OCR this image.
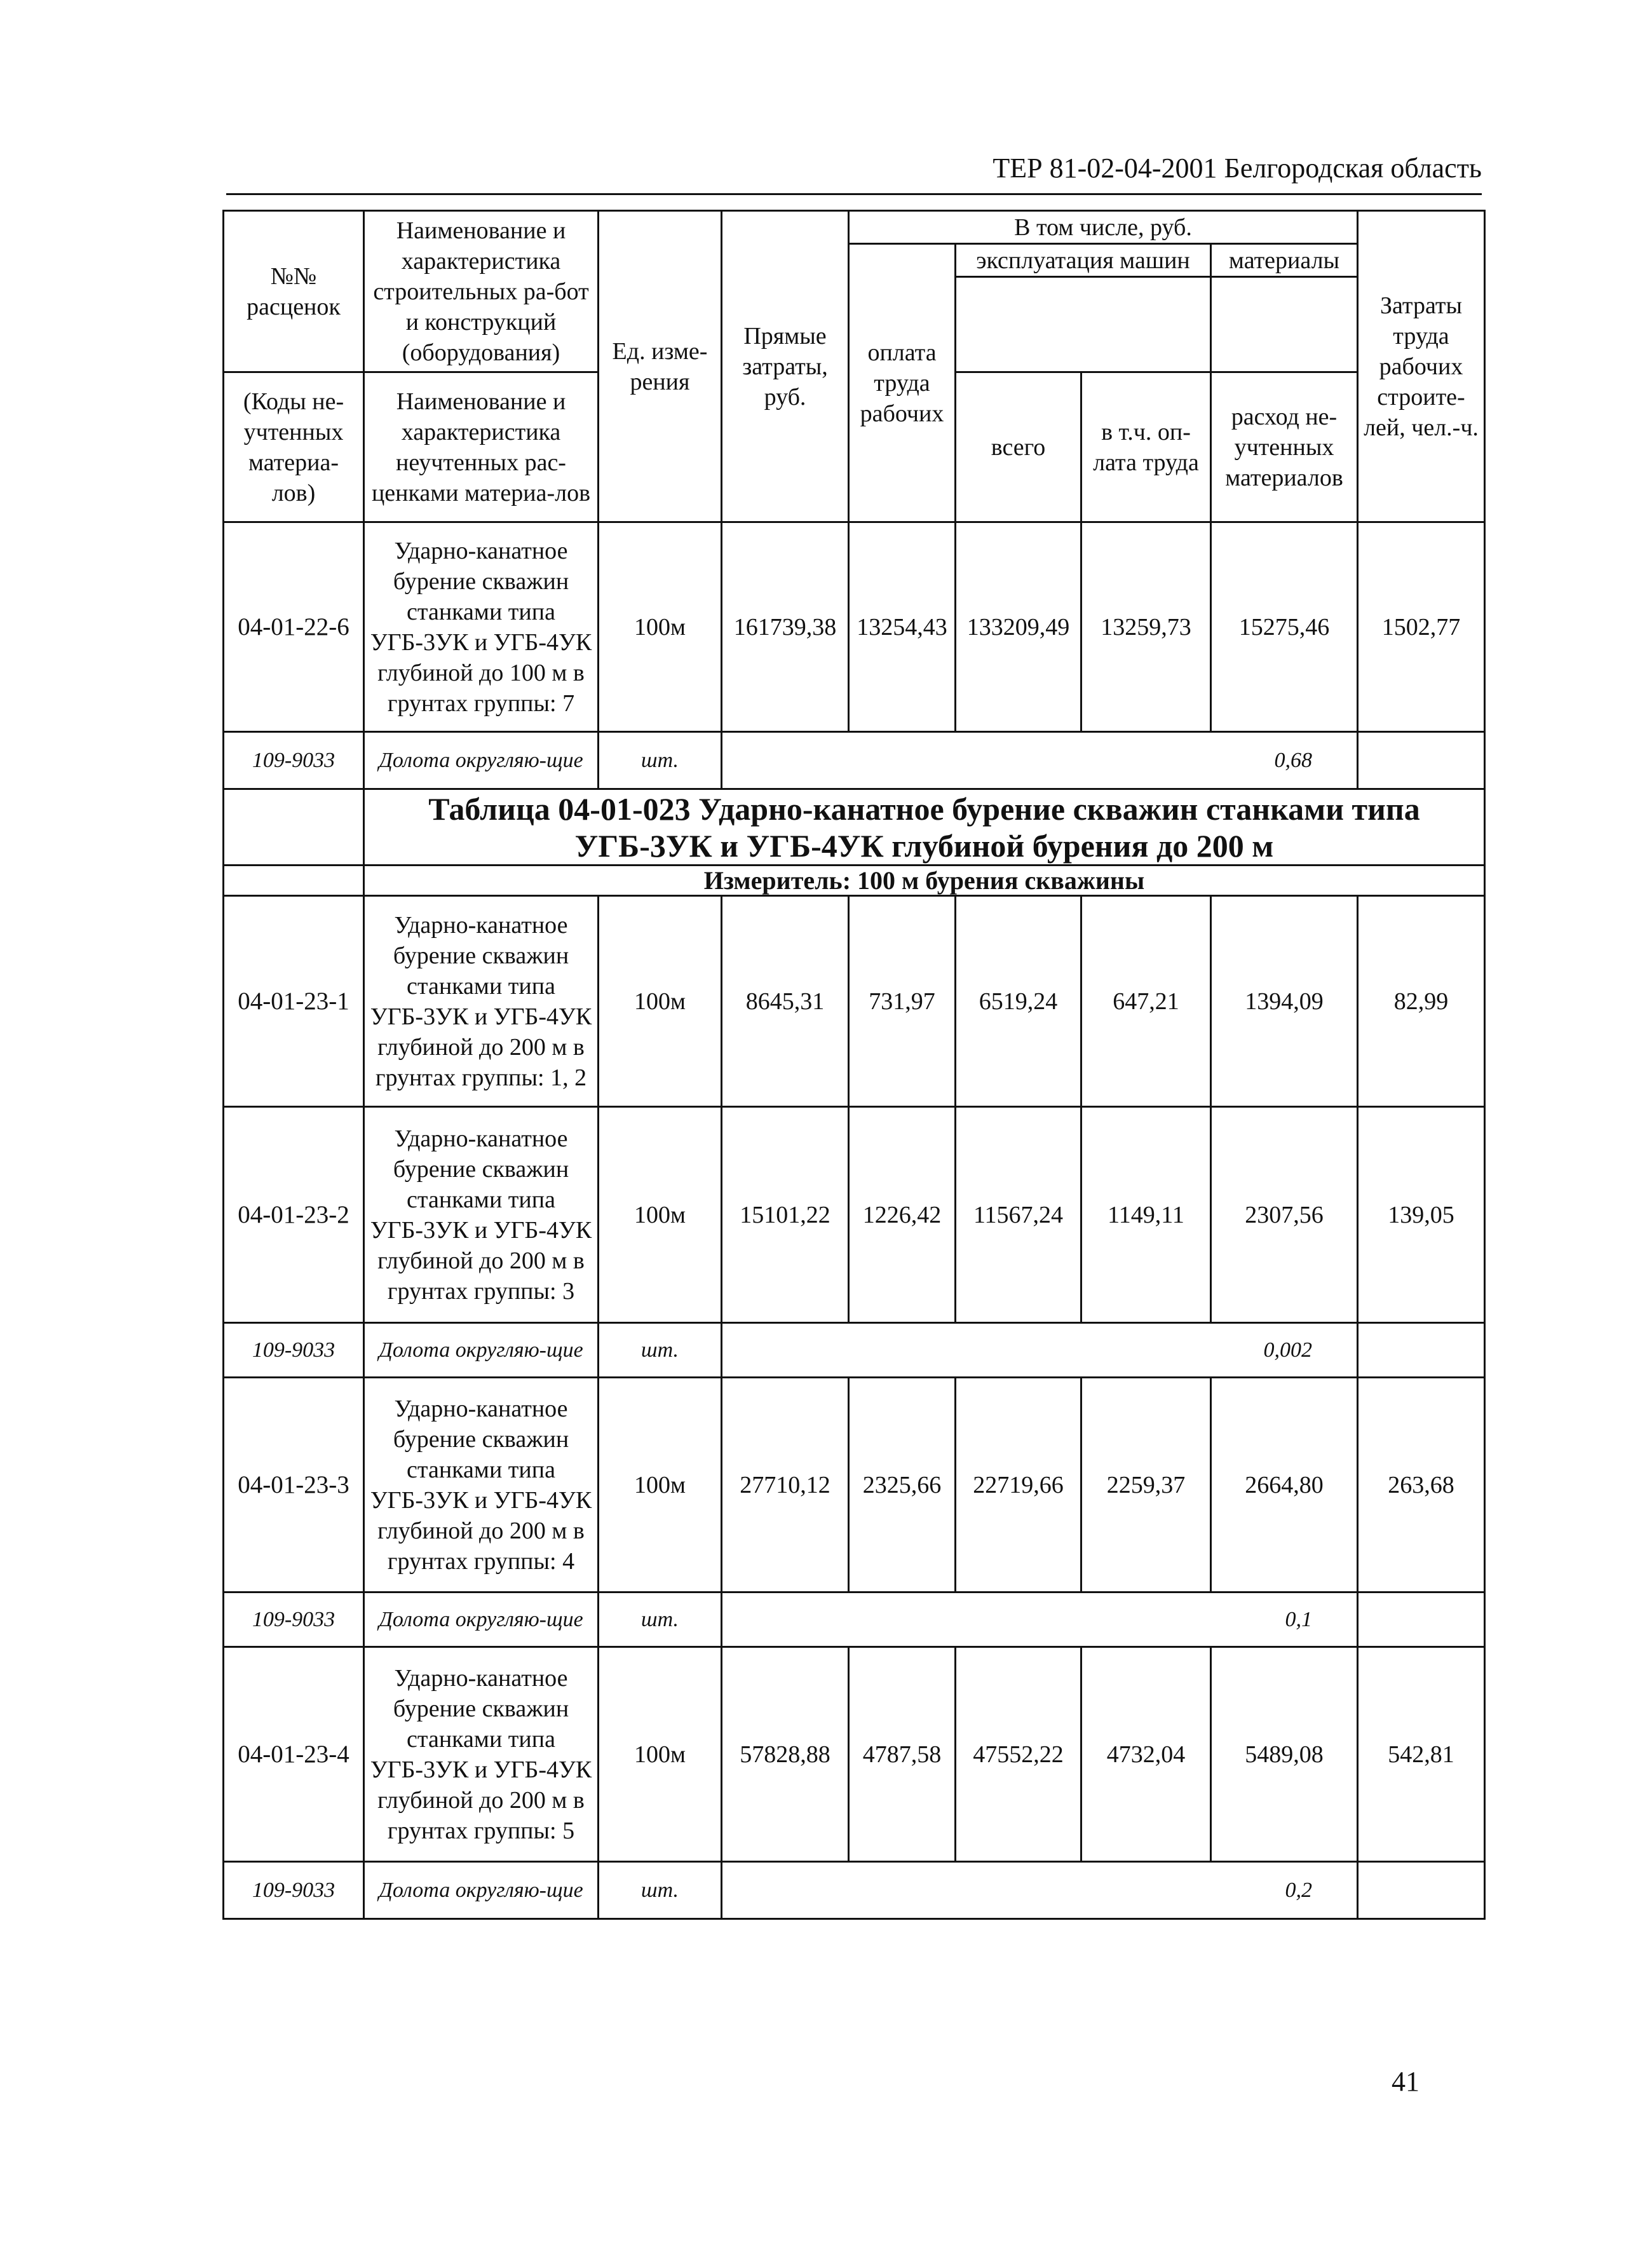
ТЕР 81-02-04-2001 Белгородская область
№№ расценок	Наименование и характеристика строительных ра-бот и конструкций (оборудования)	Ед. изме-рения	Прямые затраты, руб.	В том числе, руб.				Затраты труда рабочих строите-лей, чел.-ч.
				оплата труда рабочих	эксплуатация машин		материалы	

(Коды не-учтенных материа-лов)	Наименование и характеристика неучтенных рас-ценками материа-лов				всего	в т.ч. оп-лата труда	расход не-учтенных материалов	

04-01-22-6	Ударно-канатное бурение скважин станками типа УГБ-3УК и УГБ-4УК глубиной до 100 м в грунтах группы: 7	100м	161739,38	13254,43	133209,49	13259,73	15275,46	1502,77
109-9033	Долота округляю-щие	шт.	0,68					
	Таблица 04-01-023 Ударно-канатное бурение скважин станками типа УГБ-3УК и УГБ-4УК глубиной бурения до 200 м							
	Измеритель: 100 м бурения скважины							
04-01-23-1	Ударно-канатное бурение скважин станками типа УГБ-3УК и УГБ-4УК глубиной до 200 м в грунтах группы: 1, 2	100м	8645,31	731,97	6519,24	647,21	1394,09	82,99
04-01-23-2	Ударно-канатное бурение скважин станками типа УГБ-3УК и УГБ-4УК глубиной до 200 м в грунтах группы: 3	100м	15101,22	1226,42	11567,24	1149,11	2307,56	139,05
109-9033	Долота округляю-щие	шт.	0,002					
04-01-23-3	Ударно-канатное бурение скважин станками типа УГБ-3УК и УГБ-4УК глубиной до 200 м в грунтах группы: 4	100м	27710,12	2325,66	22719,66	2259,37	2664,80	263,68
109-9033	Долота округляю-щие	шт.	0,1					
04-01-23-4	Ударно-канатное бурение скважин станками типа УГБ-3УК и УГБ-4УК глубиной до 200 м в грунтах группы: 5	100м	57828,88	4787,58	47552,22	4732,04	5489,08	542,81
109-9033	Долота округляю-щие	шт.	0,2					
41
